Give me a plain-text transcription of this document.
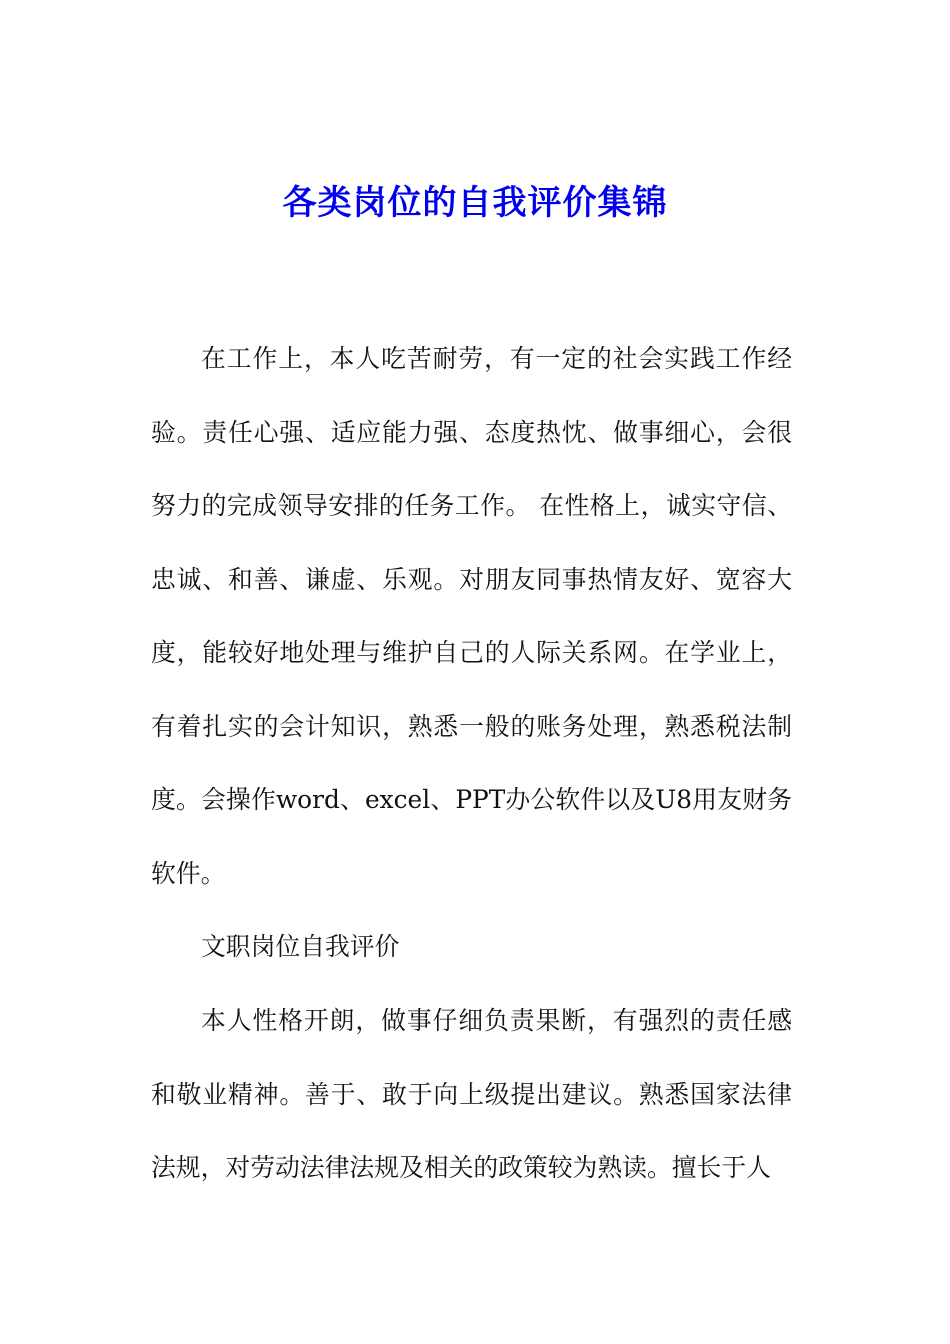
各类岗位的自我评价集锦

在工作上，本人吃苦耐劳，有一定的社会实践工作经验。责任心强、适应能力强、态度热忱、做事细心，会很努力的完成领导安排的任务工作。 在性格上，诚实守信、忠诚、和善、谦虚、乐观。对朋友同事热情友好、宽容大度，能较好地处理与维护自己的人际关系网。在学业上，有着扎实的会计知识，熟悉一般的账务处理，熟悉税法制度。会操作word、excel、PPT办公软件以及U8用友财务软件。

文职岗位自我评价

本人性格开朗，做事仔细负责果断，有强烈的责任感和敬业精神。善于、敢于向上级提出建议。熟悉国家法律法规，对劳动法律法规及相关的政策较为熟读。擅长于人
